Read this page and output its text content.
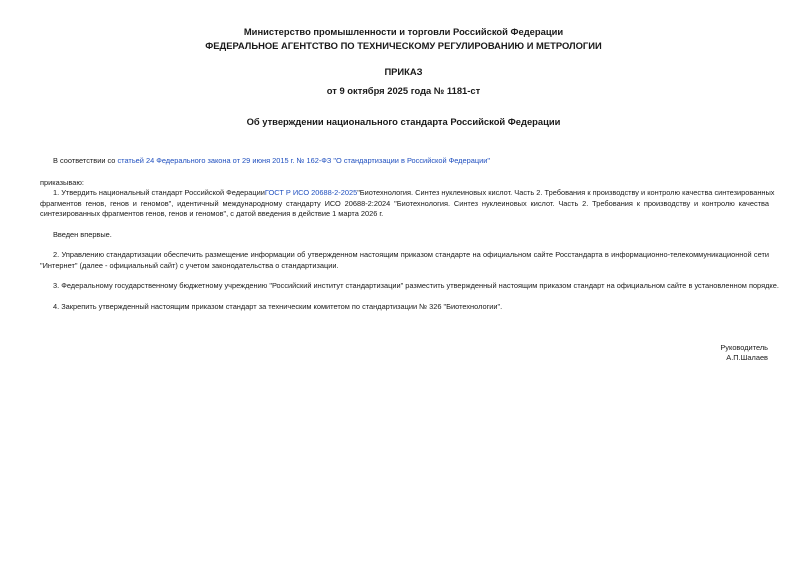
Министерство промышленности и торговли Российской Федерации
ФЕДЕРАЛЬНОЕ АГЕНТСТВО ПО ТЕХНИЧЕСКОМУ РЕГУЛИРОВАНИЮ И МЕТРОЛОГИИ
ПРИКАЗ
от 9 октября 2025 года № 1181-ст
Об утверждении национального стандарта Российской Федерации
В соответствии со статьей 24 Федерального закона от 29 июня 2015 г. № 162-ФЗ "О стандартизации в Российской Федерации"
приказываю:
1. Утвердить национальный стандарт Российской ФедерацииГОСТ Р ИСО 20688-2-2025"Биотехнология. Синтез нуклеиновых кислот. Часть 2. Требования к производству и контролю качества синтезированных
фрагментов генов, генов и геномов", идентичный международному стандарту ИСО 20688-2:2024 "Биотехнология. Синтез нуклеиновых кислот. Часть 2. Требования к производству и контролю качества
синтезированных фрагментов генов, генов и геномов", с датой введения в действие 1 марта 2026 г.
Введен впервые.
2. Управлению стандартизации обеспечить размещение информации об утвержденном настоящим приказом стандарте на официальном сайте Росстандарта в информационно-телекоммуникационной сети
"Интернет" (далее - официальный сайт) с учетом законодательства о стандартизации.
3. Федеральному государственному бюджетному учреждению "Российский институт стандартизации" разместить утвержденный настоящим приказом стандарт на официальном сайте в установленном порядке.
4. Закрепить утвержденный настоящим приказом стандарт за техническим комитетом по стандартизации № 326 "Биотехнологии".
Руководитель
А.П.Шалаев
